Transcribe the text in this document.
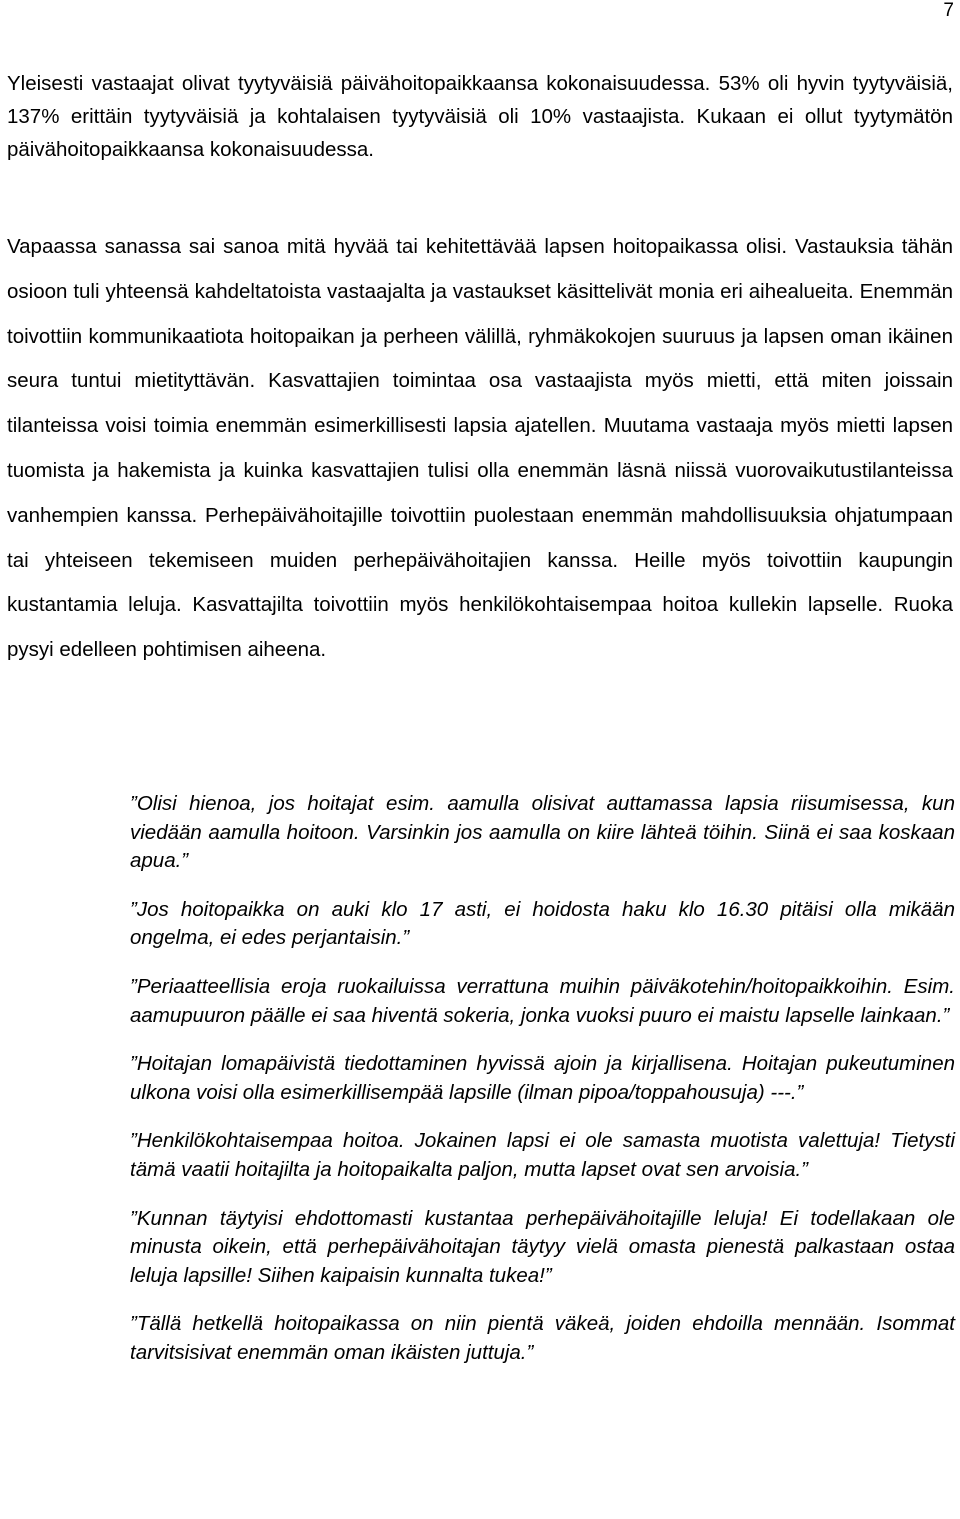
7

Yleisesti vastaajat olivat tyytyväisiä päivähoitopaikkaansa kokonaisuudessa. 53% oli hyvin tyytyväisiä, 137% erittäin tyytyväisiä ja kohtalaisen tyytyväisiä oli 10% vastaajista. Kukaan ei ollut tyytymätön päivähoitopaikkaansa kokonaisuudessa.

Vapaassa sanassa sai sanoa mitä hyvää tai kehitettävää lapsen hoitopaikassa olisi. Vastauksia tähän osioon tuli yhteensä kahdeltatoista vastaajalta ja vastaukset käsittelivät monia eri aihealueita. Enemmän toivottiin kommunikaatiota hoitopaikan ja perheen välillä, ryhmäkokojen suuruus ja lapsen oman ikäinen seura tuntui mietityttävän. Kasvattajien toimintaa osa vastaajista myös mietti, että miten joissain tilanteissa voisi toimia enemmän esimerkillisesti lapsia ajatellen. Muutama vastaaja myös mietti lapsen tuomista ja hakemista ja kuinka kasvattajien tulisi olla enemmän läsnä niissä vuorovaikutustilanteissa vanhempien kanssa. Perhepäivähoitajille toivottiin puolestaan enemmän mahdollisuuksia ohjatumpaan tai yhteiseen tekemiseen muiden perhepäivähoitajien kanssa. Heille myös toivottiin kaupungin kustantamia leluja. Kasvattajilta toivottiin myös henkilökohtaisempaa hoitoa kullekin lapselle. Ruoka pysyi edelleen pohtimisen aiheena.

”Olisi hienoa, jos hoitajat esim. aamulla olisivat auttamassa lapsia riisumisessa, kun viedään aamulla hoitoon. Varsinkin jos aamulla on kiire lähteä töihin. Siinä ei saa koskaan apua.”

”Jos hoitopaikka on auki klo 17 asti, ei hoidosta haku klo 16.30 pitäisi olla mikään ongelma, ei edes perjantaisin.”

”Periaatteellisia eroja ruokailuissa verrattuna muihin päiväkotehin/hoitopaikkoihin. Esim. aamupuuron päälle ei saa hiventä sokeria, jonka vuoksi puuro ei maistu lapselle lainkaan.”

”Hoitajan lomapäivistä tiedottaminen hyvissä ajoin ja kirjallisena. Hoitajan pukeutuminen ulkona voisi olla esimerkillisempää lapsille (ilman pipoa/toppahousuja) ---.”

”Henkilökohtaisempaa hoitoa. Jokainen lapsi ei ole samasta muotista valettuja! Tietysti tämä vaatii hoitajilta ja hoitopaikalta paljon, mutta lapset ovat sen arvoisia.”

”Kunnan täytyisi ehdottomasti kustantaa perhepäivähoitajille leluja! Ei todellakaan ole minusta oikein, että perhepäivähoitajan täytyy vielä omasta pienestä palkastaan ostaa leluja lapsille! Siihen kaipaisin kunnalta tukea!”

”Tällä hetkellä hoitopaikassa on niin pientä väkeä, joiden ehdoilla mennään. Isommat tarvitsisivat enemmän oman ikäisten juttuja.”
